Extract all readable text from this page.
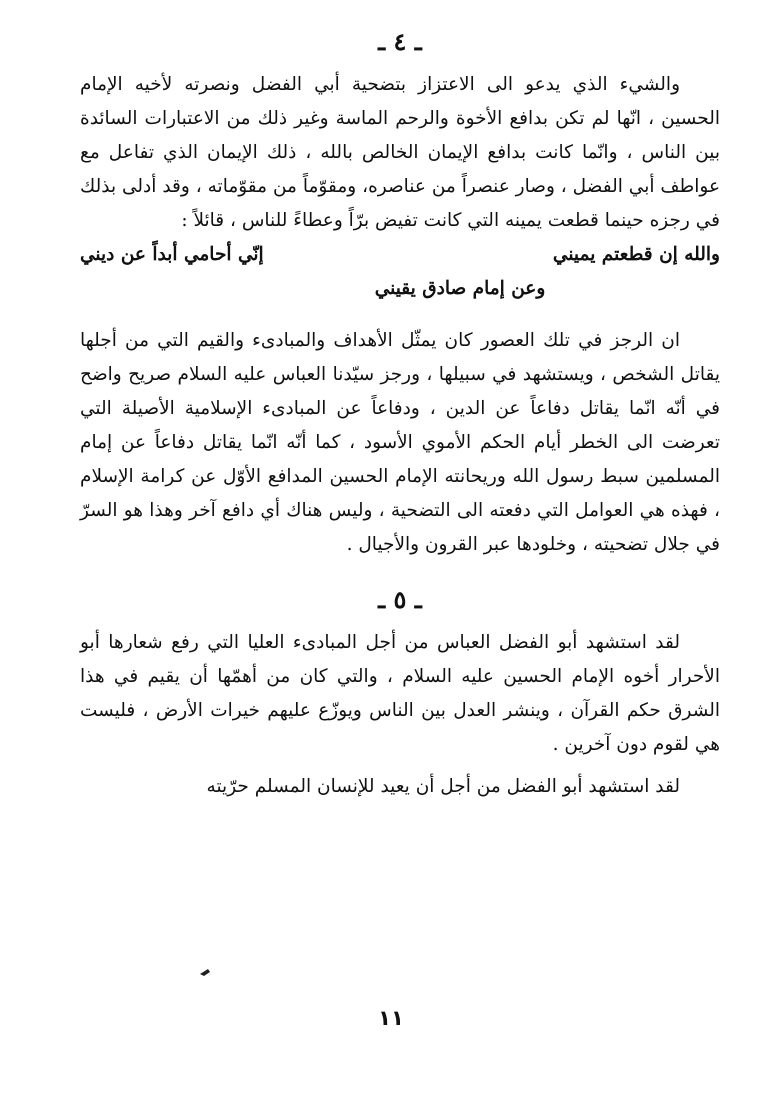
ـ ٤ ـ

والشيء الذي يدعو الى الاعتزاز بتضحية أبي الفضل ونصرته لأخيه الإمام الحسين ، انّها لم تكن بدافع الأخوة والرحم الماسة وغير ذلك من الاعتبارات السائدة بين الناس ، وانّما كانت بدافع الإيمان الخالص بالله ، ذلك الإيمان الذي تفاعل مع عواطف أبي الفضل ، وصار عنصراً من عناصره، ومقوّماً من مقوّماته ، وقد أدلى بذلك في رجزه حينما قطعت يمينه التي كانت تفيض برّاً وعطاءً للناس ، قائلاً :

والله إن قطعتم يميني
إنّي أحامي أبداً عن ديني
وعن إمام صادق يقيني

ان الرجز في تلك العصور كان يمثّل الأهداف والمبادىء والقيم التي من أجلها يقاتل الشخص ، ويستشهد في سبيلها ، ورجز سيّدنا العباس عليه السلام صريح واضح في أنّه انّما يقاتل دفاعاً عن الدين ، ودفاعاً عن المبادىء الإسلامية الأصيلة التي تعرضت الى الخطر أيام الحكم الأموي الأسود ، كما أنّه انّما يقاتل دفاعاً عن إمام المسلمين سبط رسول الله وريحانته الإمام الحسين المدافع الأوّل عن كرامة الإسلام ، فهذه هي العوامل التي دفعته الى التضحية ، وليس هناك أي دافع آخر وهذا هو السرّ في جلال تضحيته ، وخلودها عبر القرون والأجيال .

ـ ٥ ـ

لقد استشهد أبو الفضل العباس من أجل المبادىء العليا التي رفع شعارها أبو الأحرار أخوه الإمام الحسين عليه السلام ، والتي كان من أهمّها أن يقيم في هذا الشرق حكم القرآن ، وينشر العدل بين الناس ويوزّع عليهم خيرات الأرض ، فليست هي لقوم دون آخرين .

لقد استشهد أبو الفضل من أجل أن يعيد للإنسان المسلم حرّيته

١١
